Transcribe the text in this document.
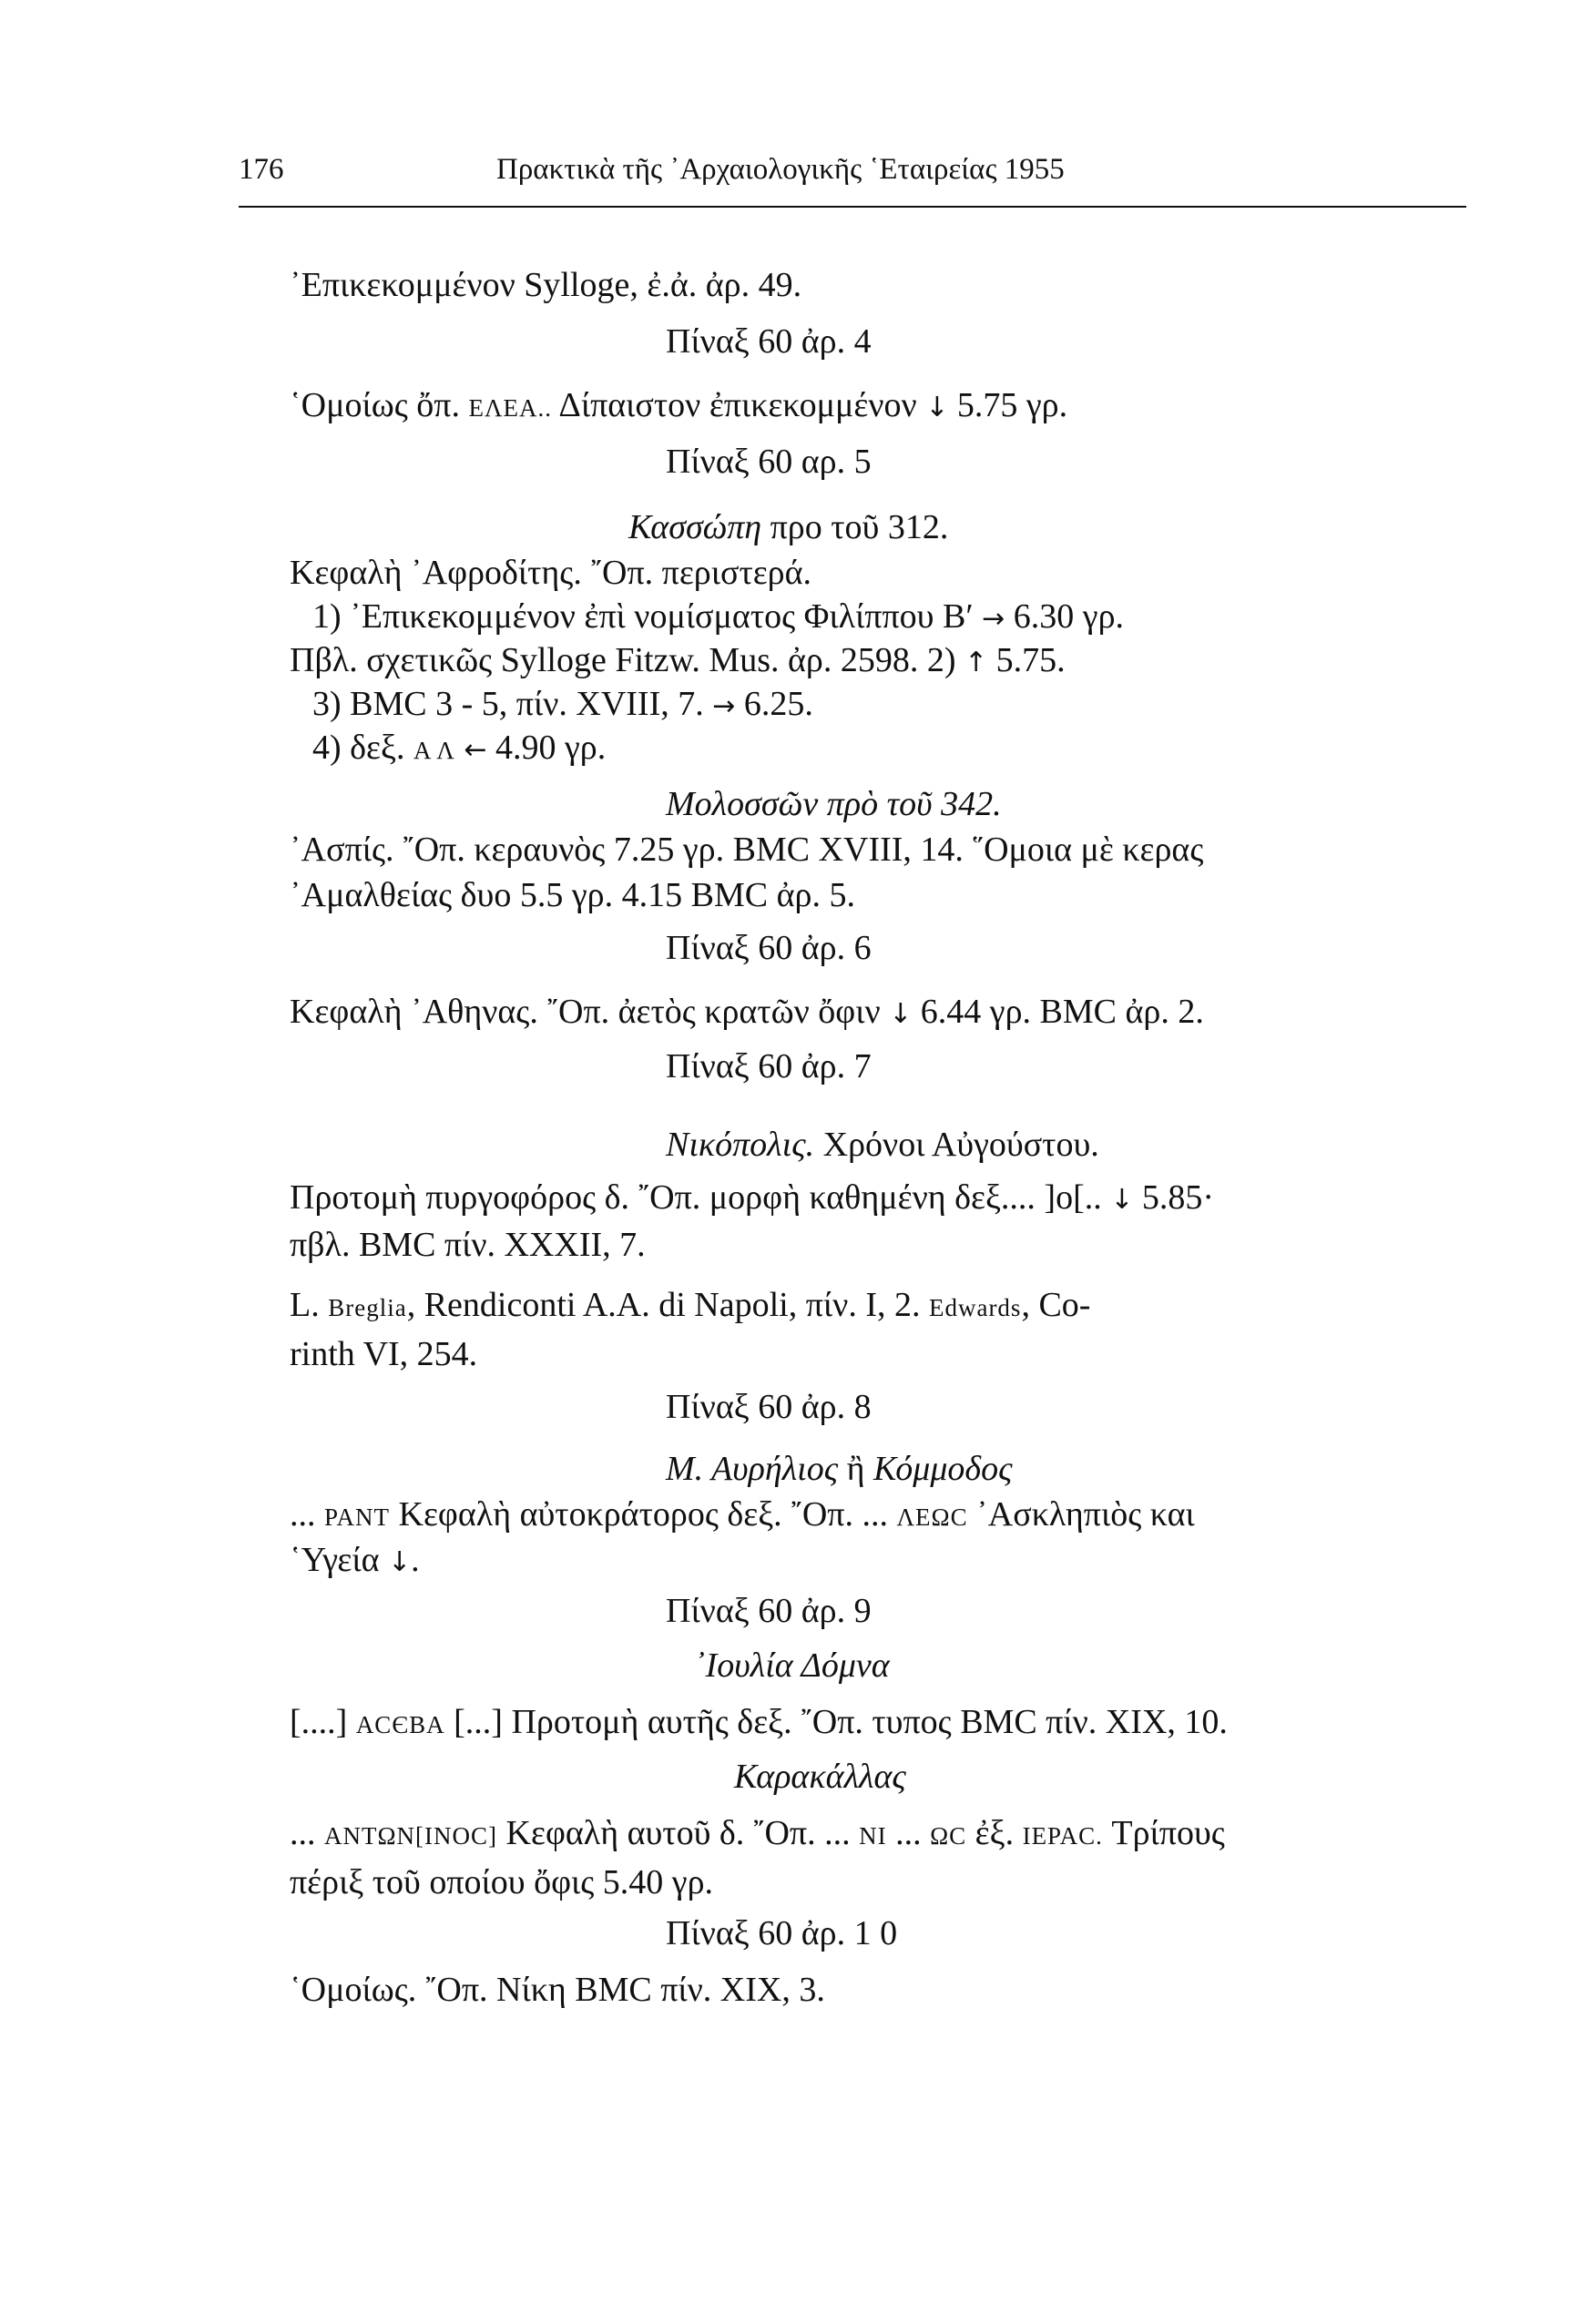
176	Πρακτικὰ τῆς ᾿Αρχαιολογικῆς ῾Εταιρείας 1955
᾿Επικεκομμένον Sylloge, ἐ.ἀ. ἀρ. 49.
Πίναξ 60 ἀρ. 4
῾Ομοίως ὄπ. ΕΛΕΑ.. Δίπαιστον ἐπικεκομμένον ↓ 5.75 γρ.
Πίναξ 60 αρ. 5
Κασσώπη προ τοῦ 312.
Κεφαλὴ ᾿Αφροδίτης. ῎Οπ. περιστερά.
1) ᾿Επικεκομμένον ἐπὶ νομίσματος Φιλίππου Β′ → 6.30 γρ.
Πβλ. σχετικῶς Sylloge Fitzw. Mus. ἀρ. 2598. 2) ↑ 5.75.
3) BMC 3 - 5, πίν. XVIII, 7. → 6.25.
4) δεξ. Α Λ ← 4.90 γρ.
Μολοσσῶν πρὸ τοῦ 342.
᾿Ασπίς. ῎Οπ. κεραυνὸς 7.25 γρ. BMC XVIII, 14. ῞Ομοια μὲ κερας
᾿Αμαλθείας δυο 5.5 γρ. 4.15 BMC ἀρ. 5.
Πίναξ 60 ἀρ. 6
Κεφαλὴ ᾿Αθηνας. ῎Οπ. ἀετὸς κρατῶν ὄφιν ↓ 6.44 γρ. BMC ἀρ. 2.
Πίναξ 60 ἀρ. 7
Νικόπολις. Χρόνοι Αὐγούστου.
Προτομὴ πυργοφόρος δ. ῎Οπ. μορφὴ καθημένη δεξ.... ]ο[.. ↓ 5.85·
πβλ. BMC πίν. XXXII, 7.
L. Breglia, Rendiconti A.A. di Napoli, πίν. I, 2. Edwards, Co-
rinth VI, 254.
Πίναξ 60 ἀρ. 8
Μ. Αυρήλιος ἢ Κόμμοδος
... PANT Κεφαλὴ αὐτοκράτορος δεξ. ῎Οπ. ... ΛΕΩC ᾿Ασκληπιὸς και
῾Υγεία ↓.
Πίναξ 60 ἀρ. 9
᾿Ιουλία Δόμνα
[....] ACЄBA [...] Προτομὴ αυτῆς δεξ. ῎Οπ. τυπος BMC πίν. XIX, 10.
Καρακάλλας
... ANTΩN[INOC] Κεφαλὴ αυτοῦ δ. ῎Οπ. ... NI ... ΩC ἐξ. IEPAC. Τρίπους
πέριξ τοῦ οποίου ὄφις 5.40 γρ.
Πίναξ 60 ἀρ. 1 0
῾Ομοίως. ῎Οπ. Νίκη BMC πίν. XIX, 3.
